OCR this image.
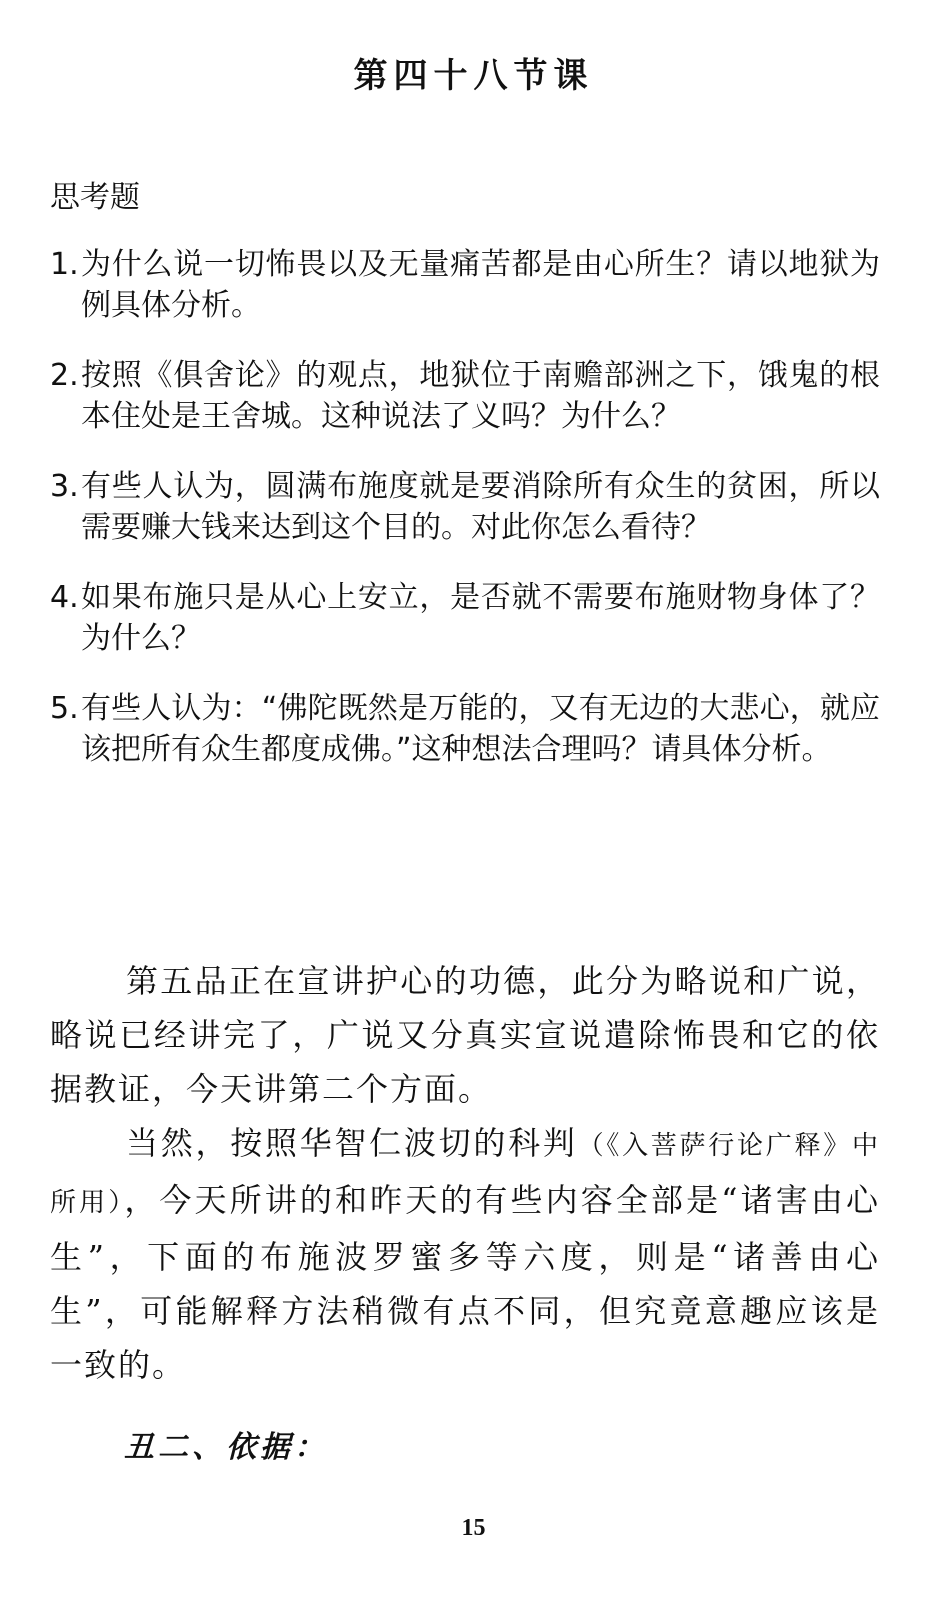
第四十八节课
思考题
1. 为什么说一切怖畏以及无量痛苦都是由心所生？请以地狱为例具体分析。
2. 按照《俱舍论》的观点，地狱位于南赡部洲之下，饿鬼的根本住处是王舍城。这种说法了义吗？为什么？
3. 有些人认为，圆满布施度就是要消除所有众生的贫困，所以需要赚大钱来达到这个目的。对此你怎么看待？
4. 如果布施只是从心上安立，是否就不需要布施财物身体了？为什么？
5. 有些人认为：“佛陀既然是万能的，又有无边的大悲心，就应该把所有众生都度成佛。”这种想法合理吗？请具体分析。

第五品正在宣讲护心的功德，此分为略说和广说，略说已经讲完了，广说又分真实宣说遣除怖畏和它的依据教证，今天讲第二个方面。

当然，按照华智仁波切的科判（《入菩萨行论广释》中所用），今天所讲的和昨天的有些内容全部是“诸害由心生”，下面的布施波罗蜜多等六度，则是“诸善由心生”，可能解释方法稍微有点不同，但究竟意趣应该是一致的。

丑二、依据：
15
